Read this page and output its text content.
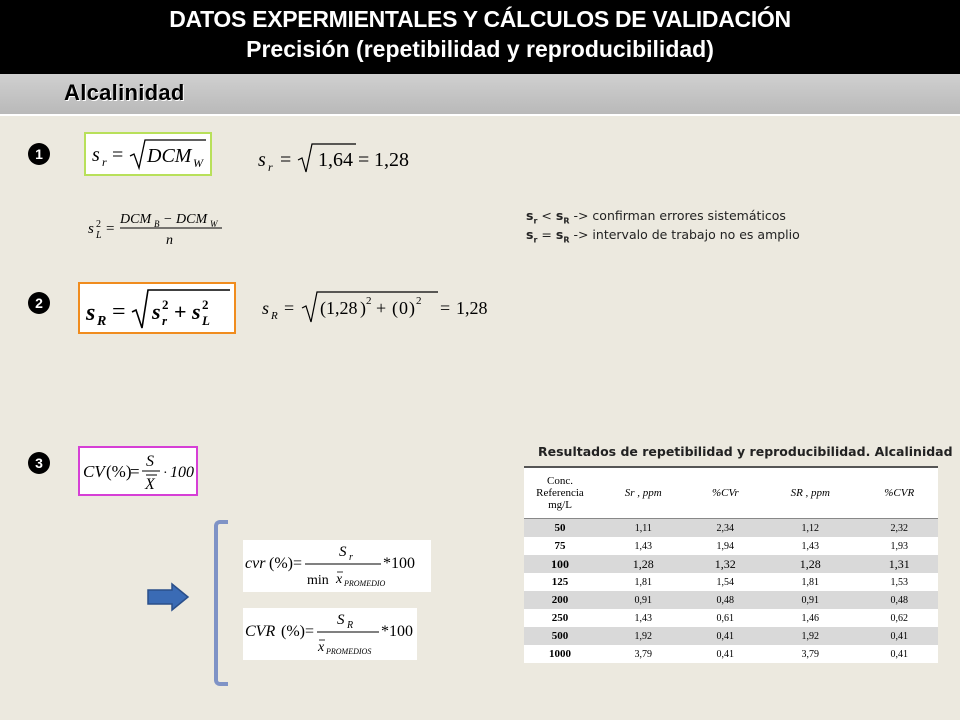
DATOS EXPERMIENTALES Y CÁLCULOS DE VALIDACIÓN
Precisión (repetibilidad y reproducibilidad)
Alcalinidad
1	s r = DCM W	s r = 1,64 = 1,28
s 2
L =
DCM B − DCM W
n
$s_r < s_R$ -> confirman errores sistemáticos
$s_r = s_R$ -> intervalo de trabajo no es amplio
2 s R = s 2
r + s 2
L
s R = ( 1,28 ) 2 + ( 0 ) 2 = 1,28
3	CV (%)
=
S
X
· 100
cvr (%)=
S r
min x PROMEDIO
*100
CVR (%)=
S R
x PROMEDIOS
*100
Resultados de repetibilidad y reproducibilidad. Alcalinidad
Conc. Referencia mg/L	Sr , ppm	%CVr	SR , ppm	%CVR
50	1,11	2,34	1,12	2,32
75	1,43	1,94	1,43	1,93
100	1,28	1,32	1,28	1,31
125	1,81	1,54	1,81	1,53
200	0,91	0,48	0,91	0,48
250	1,43	0,61	1,46	0,62
500	1,92	0,41	1,92	0,41
1000	3,79	0,41	3,79	0,41
